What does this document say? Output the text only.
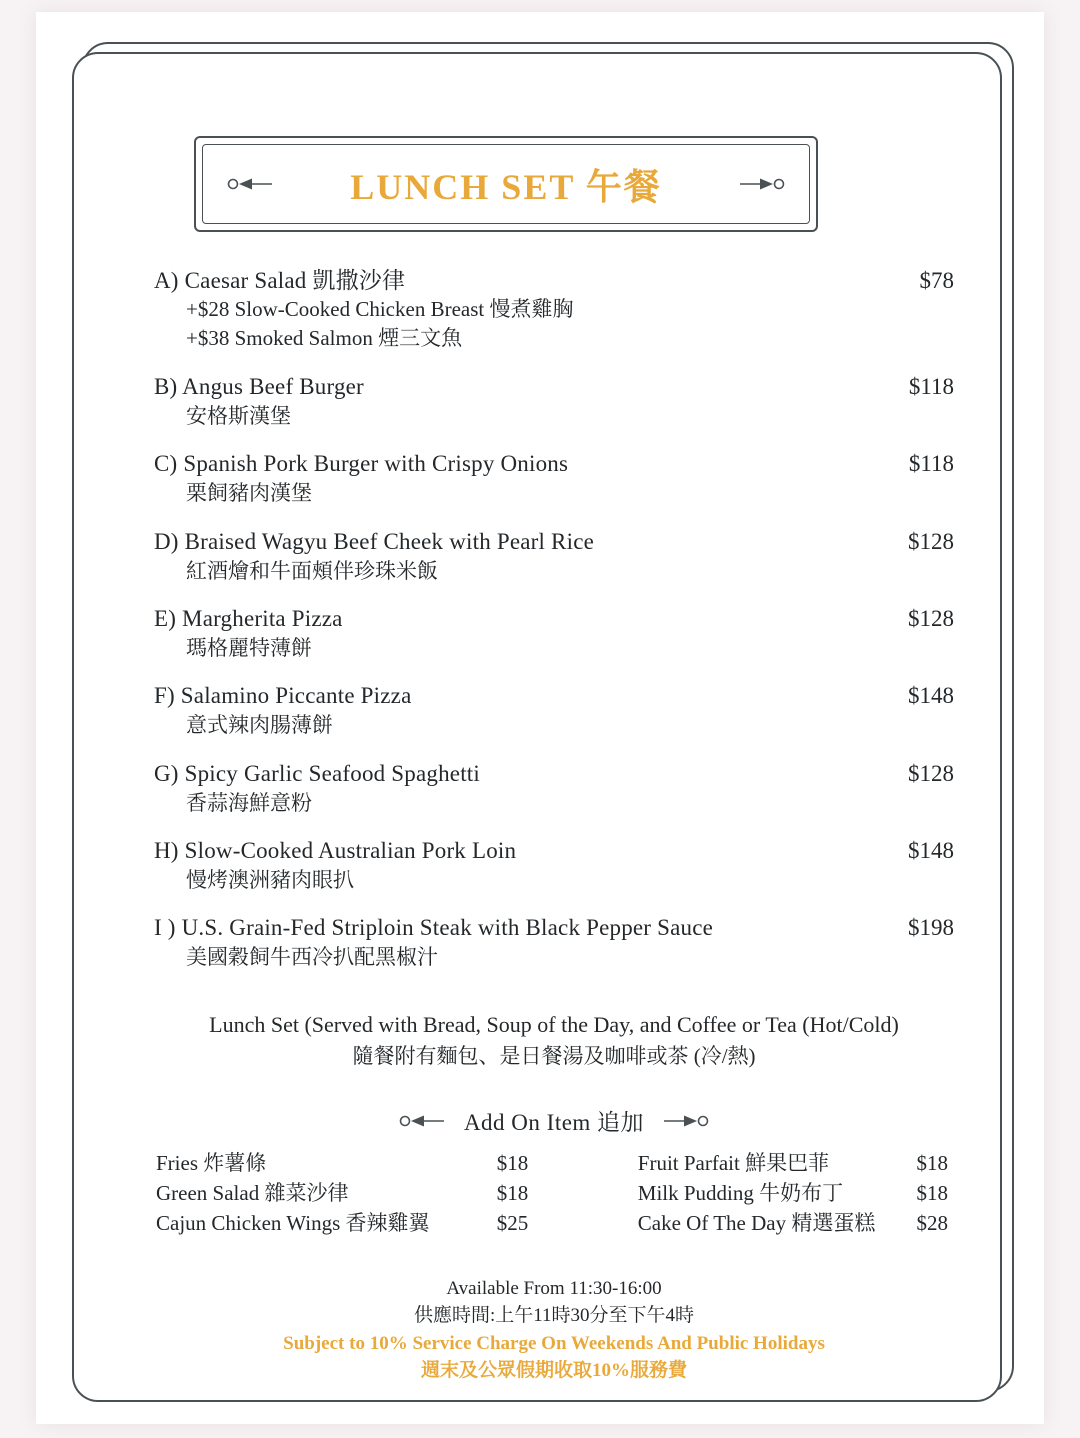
LUNCH SET 午餐
A) Caesar Salad 凱撒沙律	$78
+$28 Slow-Cooked Chicken Breast 慢煮雞胸
+$38 Smoked Salmon 煙三文魚
B) Angus Beef Burger	$118
安格斯漢堡
C) Spanish Pork Burger with Crispy Onions	$118
栗飼豬肉漢堡
D) Braised Wagyu Beef Cheek with Pearl Rice	$128
紅酒燴和牛面頰伴珍珠米飯
E) Margherita Pizza	$128
瑪格麗特薄餅
F) Salamino Piccante Pizza	$148
意式辣肉腸薄餅
G) Spicy Garlic Seafood Spaghetti	$128
香蒜海鮮意粉
H) Slow-Cooked Australian Pork Loin	$148
慢烤澳洲豬肉眼扒
I ) U.S. Grain-Fed Striploin Steak with Black Pepper Sauce	$198
美國穀飼牛西冷扒配黑椒汁
Lunch Set (Served with Bread, Soup of the Day, and Coffee or Tea (Hot/Cold)
隨餐附有麵包、是日餐湯及咖啡或茶 (冷/熱)
Add On Item 追加
Fries 炸薯條	$18
Green Salad 雜菜沙律	$18
Cajun Chicken Wings 香辣雞翼	$25
Fruit Parfait 鮮果巴菲	$18
Milk Pudding 牛奶布丁	$18
Cake Of The Day 精選蛋糕	$28
Available From 11:30-16:00
供應時間:上午11時30分至下午4時
Subject to 10% Service Charge On Weekends And Public Holidays
週末及公眾假期收取10%服務費
